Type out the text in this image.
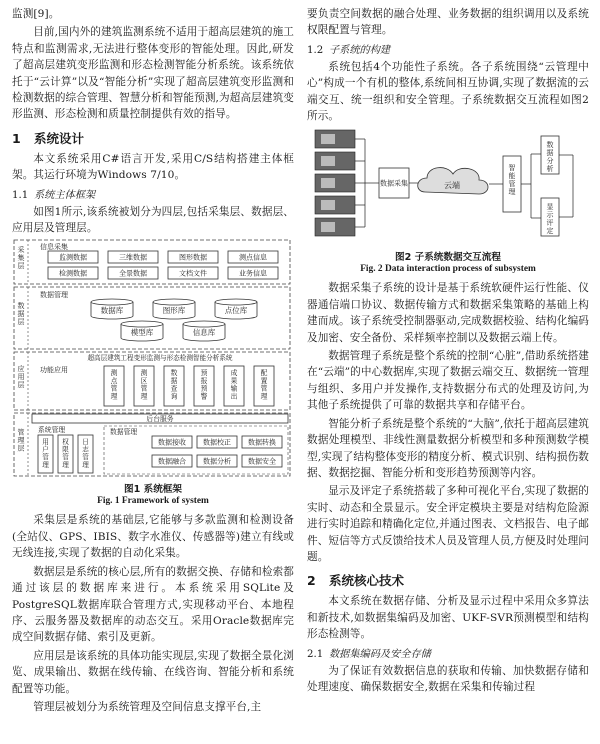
监测[9]。

目前,国内外的建筑监测系统不适用于超高层建筑的施工特点和监测需求,无法进行整体变形的智能处理。因此,研发了超高层建筑变形监测和形态检测智能分析系统。该系统依托于“云计算”以及“智能分析”实现了超高层建筑变形监测和检测数据的综合管理、智慧分析和智能预测,为超高层建筑变形监测、形态检测和质量控制提供有效的指导。

1 系统设计

本文系统采用C#语言开发,采用C/S结构搭建主体框架。其运行环境为Windows 7/10。

1.1 系统主体框架

如图1所示,该系统被划分为四层,包括采集层、数据层、应用层及管理层。

采集层
数据层
应用层
管理层
信息采集
监测数据	三维数据	图形数据	测点信息
检测数据	全景数据	文档文件	业务信息
数据管理
数据库	图形库	点位库
模型库	信息库
超高层建筑工程变形监测与形态检测智能分析系统
功能应用	测点管理
测区管理
数据查询
预报预警
成果输出
配置管理
后台服务
系统管理
用户管理
权限管理
日志管理
数据管理
数据接收 数据校正 数据转换
数据融合 数据分析 数据安全
图1 系统框架
Fig. 1 Framework of system

采集层是系统的基础层,它能够与多款监测和检测设备(全站仪、GPS、IBIS、数字水准仪、传感器等)建立有线或无线连接,实现了数据的自动化采集。

数据层是系统的核心层,所有的数据交换、存储和检索都通过该层的数据库来进行。本系统采用SQLite及PostgreSQL数据库联合管理方式,实现移动平台、本地程序、云服务器及数据库的动态交互。采用Oracle数据库完成空间数据存储、索引及更新。

应用层是该系统的具体功能实现层,实现了数据全景化浏览、成果输出、数据在线传输、在线咨询、智能分析和系统配置等功能。

管理层被划分为系统管理及空间信息支撑平台,主

要负责空间数据的融合处理、业务数据的组织调用以及系统权限配置与管理。

1.2 子系统的构建

系统包括4个功能性子系统。各子系统围绕“云管理中心”构成一个有机的整体,系统间相互协调,实现了数据流的云端交互、统一组织和安全管理。子系统数据交互流程如图2所示。

数据采集	云端
智能管理
数据分析
显示评定
图2 子系统数据交互流程
Fig. 2 Data interaction process of subsystem

数据采集子系统的设计是基于系统软硬件运行性能、仪器通信端口协议、数据传输方式和数据采集策略的基础上构建而成。该子系统受控制器驱动,完成数据校验、结构化编码及加密、安全备份、采样频率控制以及数据云端上传。

数据管理子系统是整个系统的控制“心脏”,借助系统搭建在“云端”的中心数据库,实现了数据云端交互、数据统一管理与组织、多用户并发操作,支持数据分布式的处理及访问,为其他子系统提供了可靠的数据共享和存储平台。

智能分析子系统是整个系统的“大脑”,依托于超高层建筑数据处理模型、非线性测量数据分析模型和多种预测数学模型,实现了结构整体变形的精度分析、模式识别、结构损伤数据、数据挖掘、智能分析和变形趋势预测等内容。

显示及评定子系统搭载了多种可视化平台,实现了数据的实时、动态和全景显示。安全评定模块主要是对结构危险源进行实时追踪和精确化定位,并通过图表、文档报告、电子邮件、短信等方式反馈给技术人员及管理人员,方便及时处理问题。

2 系统核心技术

本文系统在数据存储、分析及显示过程中采用众多算法和新技术,如数据集编码及加密、UKF-SVR预测模型和结构形态检测等。

2.1 数据集编码及安全存储

为了保证有效数据信息的获取和传输、加快数据存储和处理速度、确保数据安全,数据在采集和传输过程
